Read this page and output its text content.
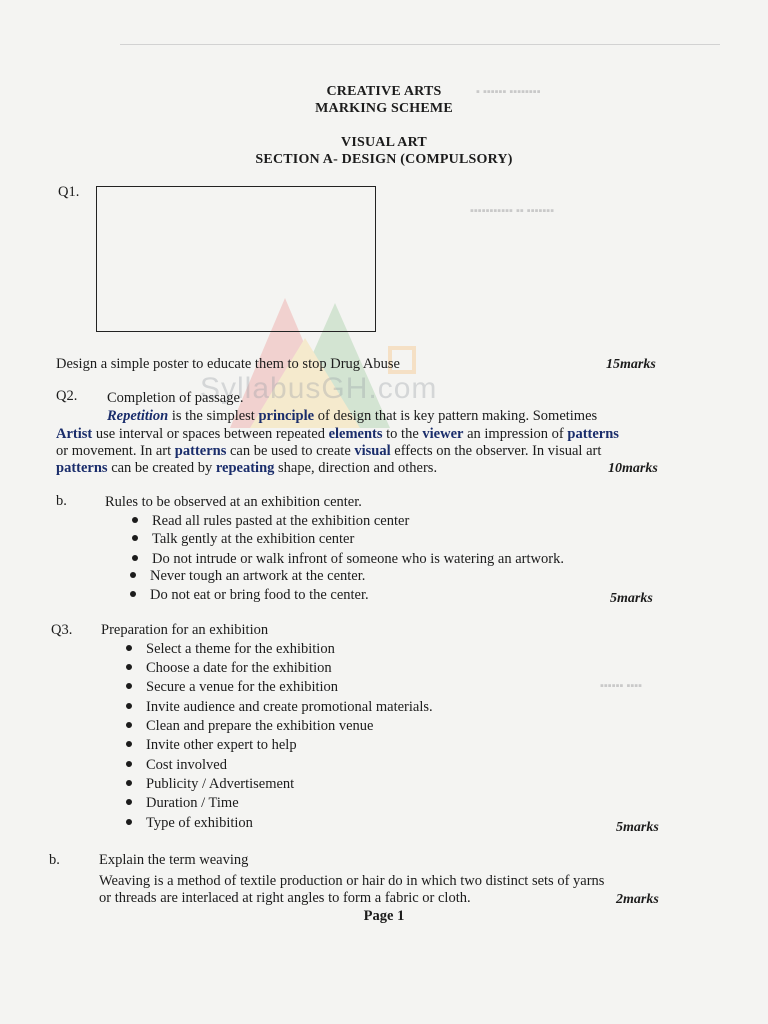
SyllabusGH.com
▪ ▪▪▪▪▪▪ ▪▪▪▪▪▪▪▪
▪▪▪▪▪▪▪▪▪▪▪ ▪▪ ▪▪▪▪▪▪▪
▪▪▪▪▪▪ ▪▪▪▪
CREATIVE ARTS
MARKING SCHEME
VISUAL ART
SECTION A- DESIGN (COMPULSORY)
Q1.
Design a simple poster to educate them to stop Drug Abuse	15marks
Q2. Completion of passage.
Repetition is the simplest principle of design that is key pattern making. Sometimes
Artist use interval or spaces between repeated elements to the viewer an impression of patterns
or movement. In art patterns can be used to create visual effects on the observer. In visual art
patterns can be created by repeating shape, direction and others.	10marks
b.	Rules to be observed at an exhibition center.
Read all rules pasted at the exhibition center
Talk gently at the exhibition center
Do not intrude or walk infront of someone who is watering an artwork.
Never tough an artwork at the center.
Do not eat or bring food to the center.	5marks
Q3. Preparation for an exhibition
Select a theme for the exhibition
Choose a date for the exhibition
Secure a venue for the exhibition
Invite audience and create promotional materials.
Clean and prepare the exhibition venue
Invite other expert to help
Cost involved
Publicity / Advertisement
Duration / Time
Type of exhibition	5marks
b.	Explain the term weaving
Weaving is a method of textile production or hair do in which two distinct sets of yarns
or threads are interlaced at right angles to form a fabric or cloth.	2marks
Page 1
